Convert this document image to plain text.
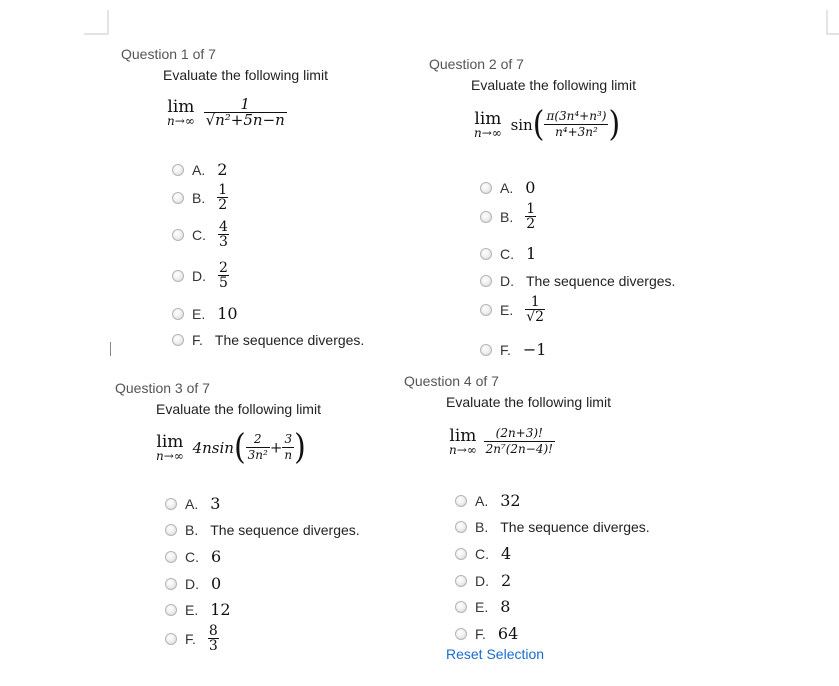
Question 1 of 7
Evaluate the following limit
lim
n→∞
$\frac{1}{\text{√n²+5n−n}}$
A. 2
B. 1
2
C. 4
3
D. 2
5
E. 10
F. The sequence diverges.
Question 2 of 7
Evaluate the following limit
lim
n→∞ $\sin( \frac{\text{π(3n⁴+n³)}}{\text{n⁴+3n²}}$ )
A. 0
B. 1
2
C. 1
D. The sequence diverges.
E.	1
√2
F. −1
Question 3 of 7
Evaluate the following limit
lim
n→∞ $4nsin( \frac{2}{\text{3n²}} + \frac{3}{n}$ )
A. 3
B. The sequence diverges.
C. 6
D. 0
E. 12
F. 8
3
Question 4 of 7
Evaluate the following limit
lim
n→∞
$\frac{(2n+3)!}{\text{2n⁷(2n−4)!}}$
A. 32
B. The sequence diverges.
C. 4
D. 2
E. 8
F. 64
Reset Selection
